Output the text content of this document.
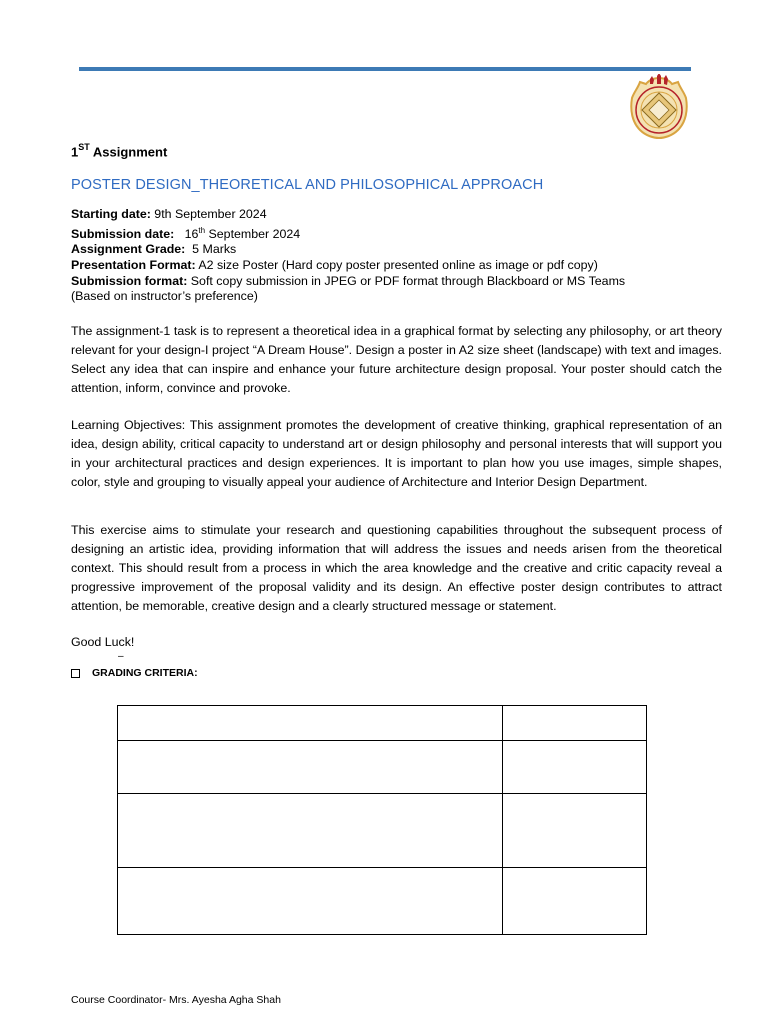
1ST Assignment
POSTER DESIGN_THEORETICAL AND PHILOSOPHICAL APPROACH
Starting date: 9th September 2024
Submission date:   16th September 2024
Assignment Grade:  5 Marks
Presentation Format: A2 size Poster (Hard copy poster presented online as image or pdf copy)
Submission format: Soft copy submission in JPEG or PDF format through Blackboard or MS Teams
(Based on instructor’s preference)

The assignment-1 task is to represent a theoretical idea in a graphical format by selecting any philosophy, or art theory relevant for your design-I project “A Dream House”. Design a poster in A2 size sheet (landscape) with text and images. Select any idea that can inspire and enhance your future architecture design proposal. Your poster should catch the attention, inform, convince and provoke.

Learning Objectives: This assignment promotes the development of creative thinking, graphical representation of an idea, design ability, critical capacity to understand art or design philosophy and personal interests that will support you in your architectural practices and design experiences. It is important to plan how you use images, simple shapes, color, style and grouping to visually appeal your audience of Architecture and Interior Design Department.

This exercise aims to stimulate your research and questioning capabilities throughout the subsequent process of designing an artistic idea, providing information that will address the issues and needs arisen from the theoretical context. This should result from a process in which the area knowledge and the creative and critic capacity reveal a progressive improvement of the proposal validity and its design. An effective poster design contributes to attract attention, be memorable, creative design and a clearly structured message or statement.

Good Luck!
–
GRADING CRITERIA:

Course Coordinator- Mrs. Ayesha Agha Shah
